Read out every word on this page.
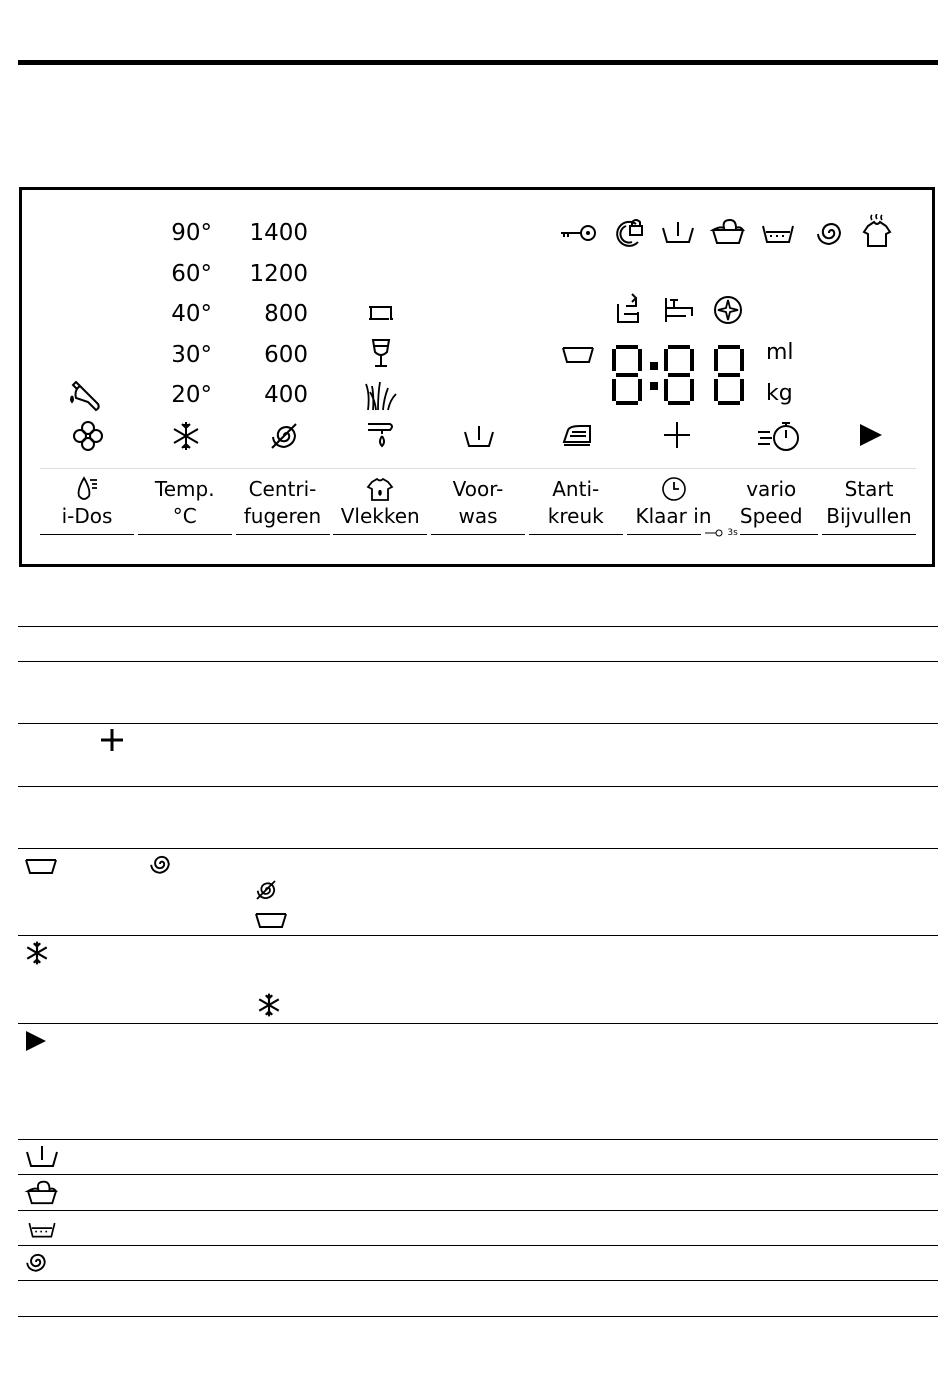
90°
60°
40°
30°
20°
1400
1200
800
600
400
ml
kg
i-Dos
Temp.
°C
Centri-
fugeren Vlekken
Voor-
was
Anti-
kreuk	Klaar in
3s
vario
Speed
Start
Bijvullen
